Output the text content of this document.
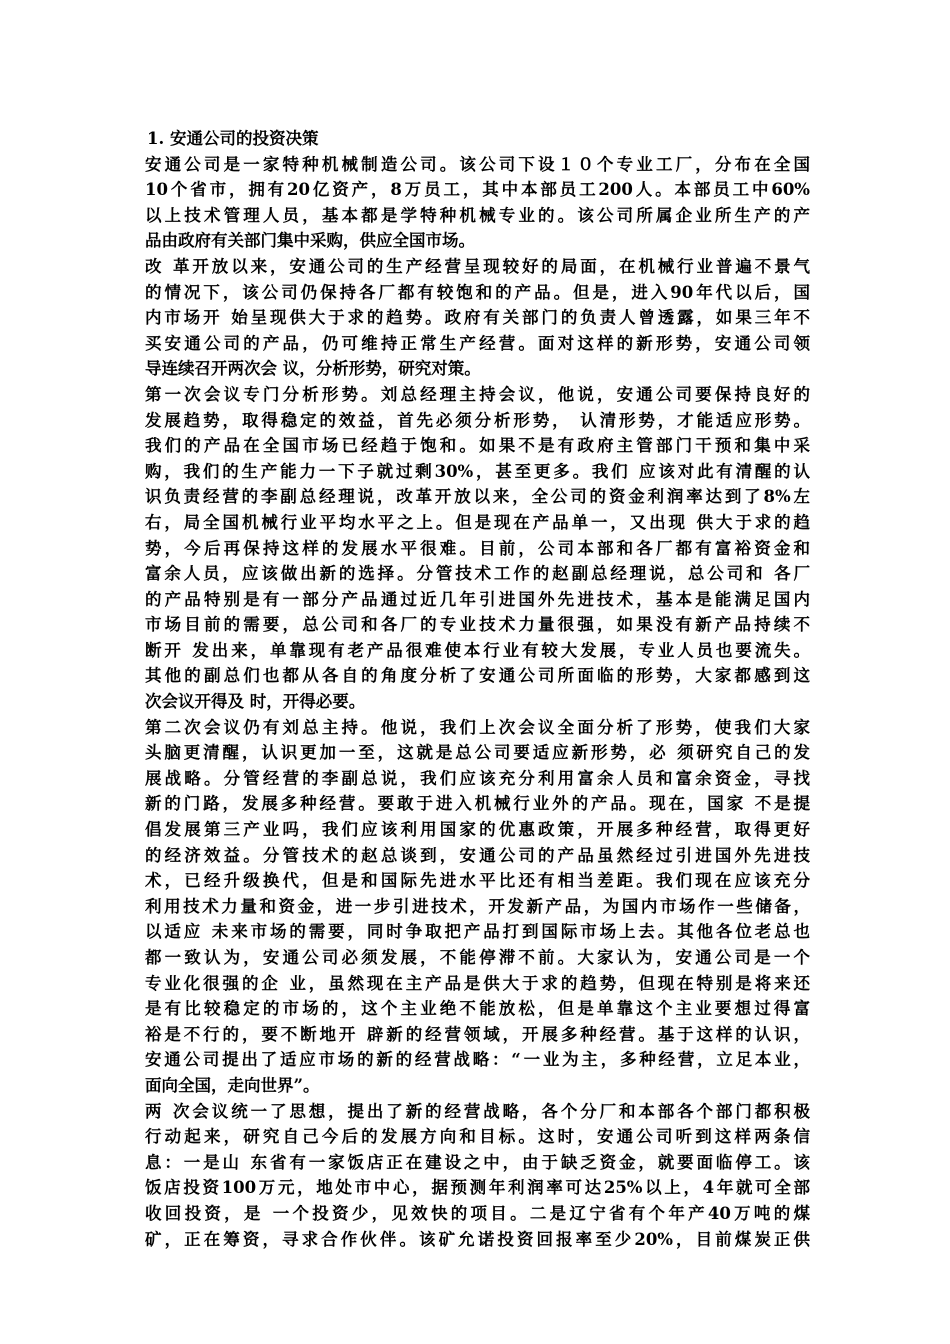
1. 安通公司的投资决策
安通公司是一家特种机械制造公司。该公司下设１０个专业工厂，分布在全国
10个省市，拥有20亿资产，8万员工，其中本部员工200人。本部员工中60%
以上技术管理人员，基本都是学特种机械专业的。该公司所属企业所生产的产
品由政府有关部门集中采购，供应全国市场。
改 革开放以来，安通公司的生产经营呈现较好的局面，在机械行业普遍不景气
的情况下，该公司仍保持各厂都有较饱和的产品。但是，进入90年代以后，国
内市场开 始呈现供大于求的趋势。政府有关部门的负责人曾透露，如果三年不
买安通公司的产品，仍可维持正常生产经营。面对这样的新形势，安通公司领
导连续召开两次会 议，分析形势，研究对策。
第一次会议专门分析形势。刘总经理主持会议，他说，安通公司要保持良好的
发展趋势，取得稳定的效益，首先必须分析形势， 认清形势，才能适应形势。
我们的产品在全国市场已经趋于饱和。如果不是有政府主管部门干预和集中采
购，我们的生产能力一下子就过剩30%，甚至更多。我们 应该对此有清醒的认
识负责经营的李副总经理说，改革开放以来，全公司的资金利润率达到了8%左
右，局全国机械行业平均水平之上。但是现在产品单一，又出现 供大于求的趋
势，今后再保持这样的发展水平很难。目前，公司本部和各厂都有富裕资金和
富余人员，应该做出新的选择。分管技术工作的赵副总经理说，总公司和 各厂
的产品特别是有一部分产品通过近几年引进国外先进技术，基本是能满足国内
市场目前的需要，总公司和各厂的专业技术力量很强，如果没有新产品持续不
断开 发出来，单靠现有老产品很难使本行业有较大发展，专业人员也要流失。
其他的副总们也都从各自的角度分析了安通公司所面临的形势，大家都感到这
次会议开得及 时，开得必要。
第二次会议仍有刘总主持。他说，我们上次会议全面分析了形势，使我们大家
头脑更清醒，认识更加一至，这就是总公司要适应新形势，必 须研究自己的发
展战略。分管经营的李副总说，我们应该充分利用富余人员和富余资金，寻找
新的门路，发展多种经营。要敢于进入机械行业外的产品。现在，国家 不是提
倡发展第三产业吗，我们应该利用国家的优惠政策，开展多种经营，取得更好
的经济效益。分管技术的赵总谈到，安通公司的产品虽然经过引进国外先进技
术，已经升级换代，但是和国际先进水平比还有相当差距。我们现在应该充分
利用技术力量和资金，进一步引进技术，开发新产品，为国内市场作一些储备，
以适应 未来市场的需要，同时争取把产品打到国际市场上去。其他各位老总也
都一致认为，安通公司必须发展，不能停滞不前。大家认为，安通公司是一个
专业化很强的企 业，虽然现在主产品是供大于求的趋势，但现在特别是将来还
是有比较稳定的市场的，这个主业绝不能放松，但是单靠这个主业要想过得富
裕是不行的，要不断地开 辟新的经营领域，开展多种经营。基于这样的认识，
安通公司提出了适应市场的新的经营战略：“一业为主，多种经营，立足本业，
面向全国，走向世界”。
两 次会议统一了思想，提出了新的经营战略，各个分厂和本部各个部门都积极
行动起来，研究自己今后的发展方向和目标。这时，安通公司听到这样两条信
息：一是山 东省有一家饭店正在建设之中，由于缺乏资金，就要面临停工。该
饭店投资100万元，地处市中心，据预测年利润率可达25%以上，4年就可全部
收回投资，是 一个投资少，见效快的项目。二是辽宁省有个年产40万吨的煤
矿，正在筹资，寻求合作伙伴。该矿允诺投资回报率至少20%，目前煤炭正供
